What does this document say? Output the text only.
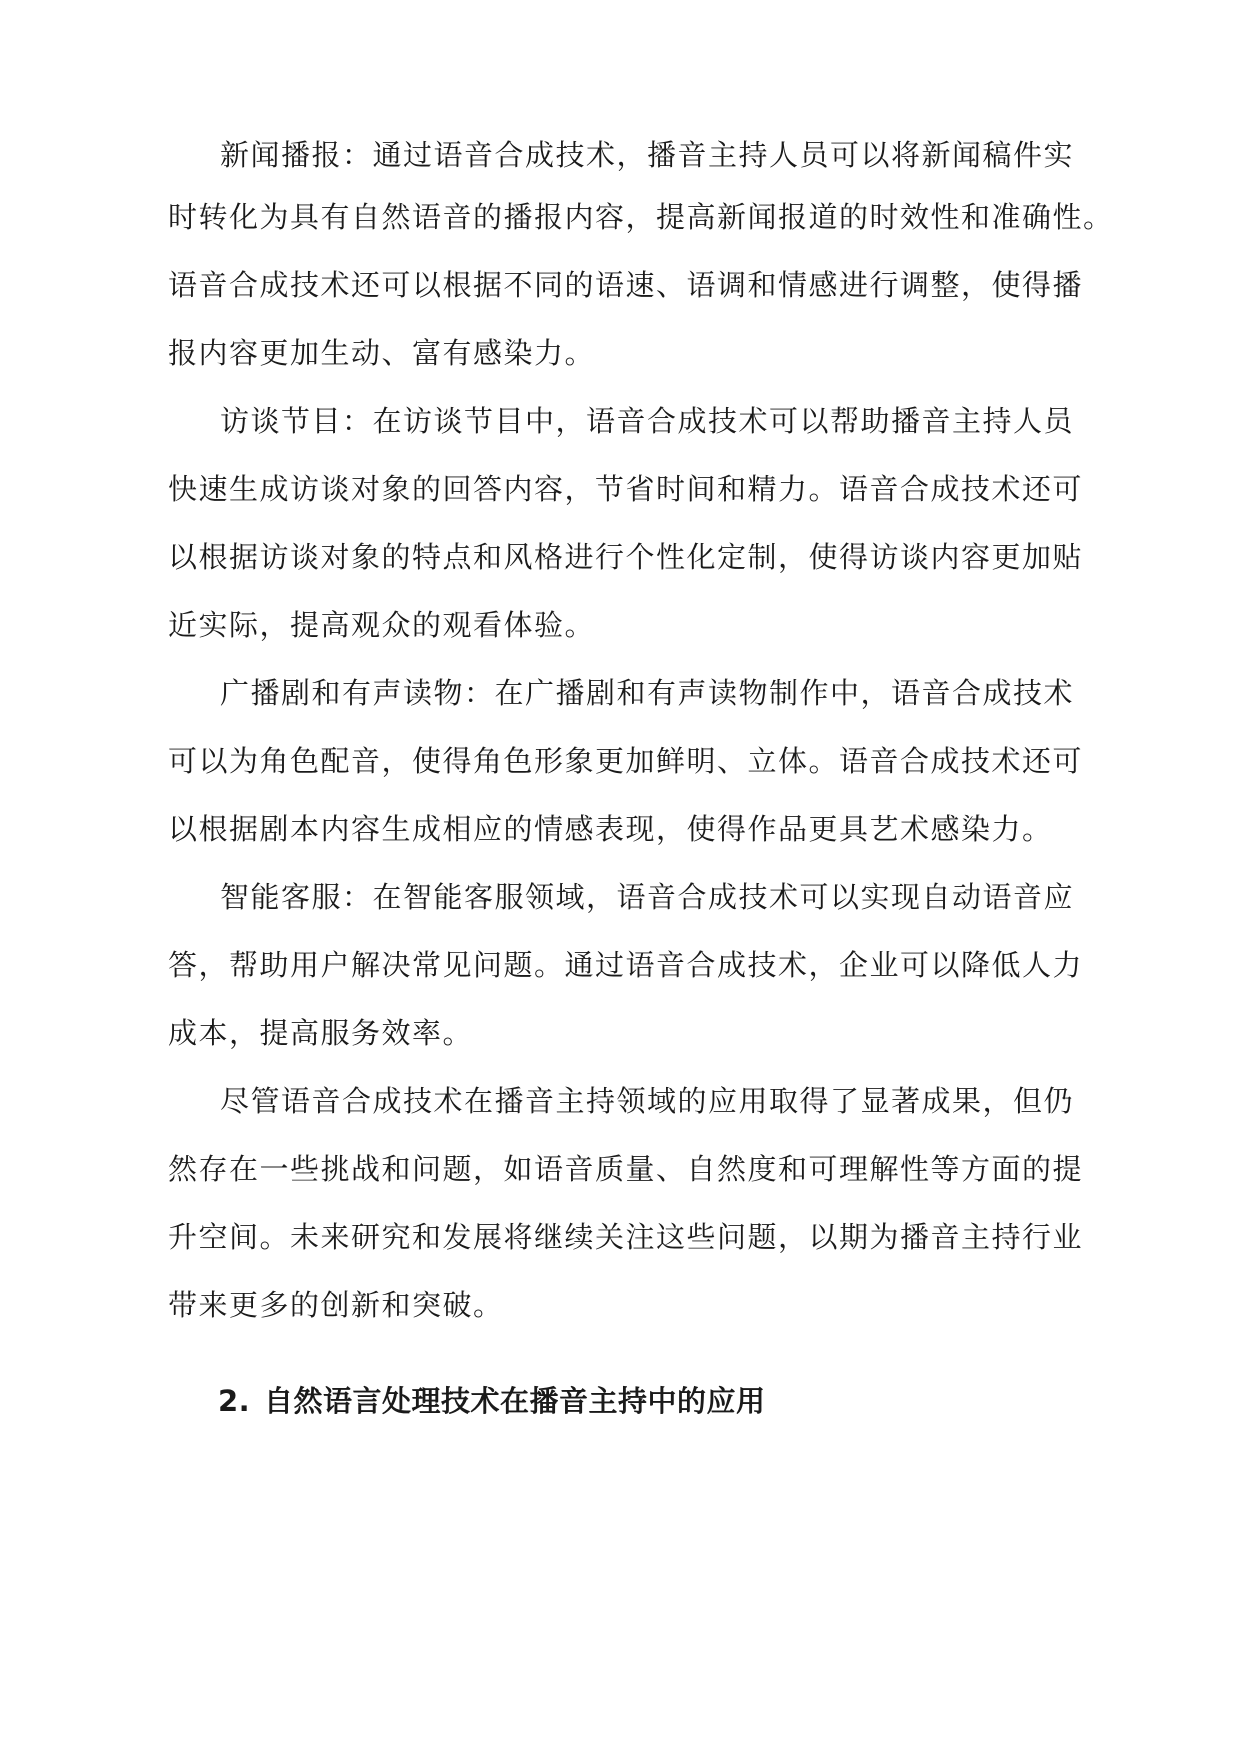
新闻播报：通过语音合成技术，播音主持人员可以将新闻稿件实
时转化为具有自然语音的播报内容，提高新闻报道的时效性和准确性。
语音合成技术还可以根据不同的语速、语调和情感进行调整，使得播
报内容更加生动、富有感染力。
访谈节目：在访谈节目中，语音合成技术可以帮助播音主持人员
快速生成访谈对象的回答内容，节省时间和精力。语音合成技术还可
以根据访谈对象的特点和风格进行个性化定制，使得访谈内容更加贴
近实际，提高观众的观看体验。
广播剧和有声读物：在广播剧和有声读物制作中，语音合成技术
可以为角色配音，使得角色形象更加鲜明、立体。语音合成技术还可
以根据剧本内容生成相应的情感表现，使得作品更具艺术感染力。
智能客服：在智能客服领域，语音合成技术可以实现自动语音应
答，帮助用户解决常见问题。通过语音合成技术，企业可以降低人力
成本，提高服务效率。
尽管语音合成技术在播音主持领域的应用取得了显著成果，但仍
然存在一些挑战和问题，如语音质量、自然度和可理解性等方面的提
升空间。未来研究和发展将继续关注这些问题，以期为播音主持行业
带来更多的创新和突破。
2. 自然语言处理技术在播音主持中的应用
